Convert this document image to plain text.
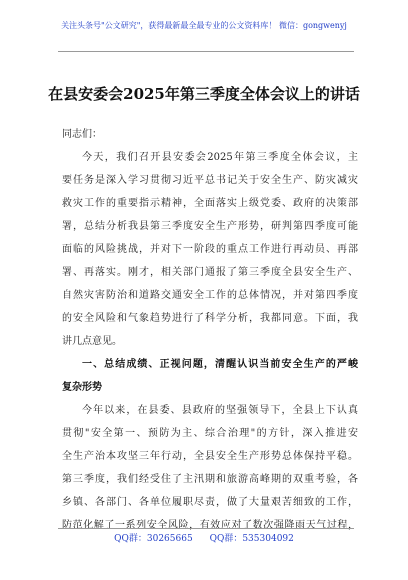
关注头条号"公文研究"，获得最新最全最专业的公文资料库！ 微信：gongwenyj
在县安委会2025年第三季度全体会议上的讲话
同志们：
今天，我们召开县安委会2025年第三季度全体会议，主
要任务是深入学习贯彻习近平总书记关于安全生产、防灾减灾
救灾工作的重要指示精神，全面落实上级党委、政府的决策部
署，总结分析我县第三季度安全生产形势，研判第四季度可能
面临的风险挑战，并对下一阶段的重点工作进行再动员、再部
署、再落实。刚才，相关部门通报了第三季度全县安全生产、
自然灾害防治和道路交通安全工作的总体情况，并对第四季度
的安全风险和气象趋势进行了科学分析，我都同意。下面，我
讲几点意见。
一、总结成绩、正视问题，清醒认识当前安全生产的严峻
复杂形势
今年以来，在县委、县政府的坚强领导下，全县上下认真
贯彻"安全第一、预防为主、综合治理"的方针，深入推进安
全生产治本攻坚三年行动，全县安全生产形势总体保持平稳。
第三季度，我们经受住了主汛期和旅游高峰期的双重考验，各
乡镇、各部门、各单位履职尽责，做了大量艰苦细致的工作，
防范化解了一系列安全风险，有效应对了数次强降雨天气过程，
QQ群：30265665 QQ群：535304092
